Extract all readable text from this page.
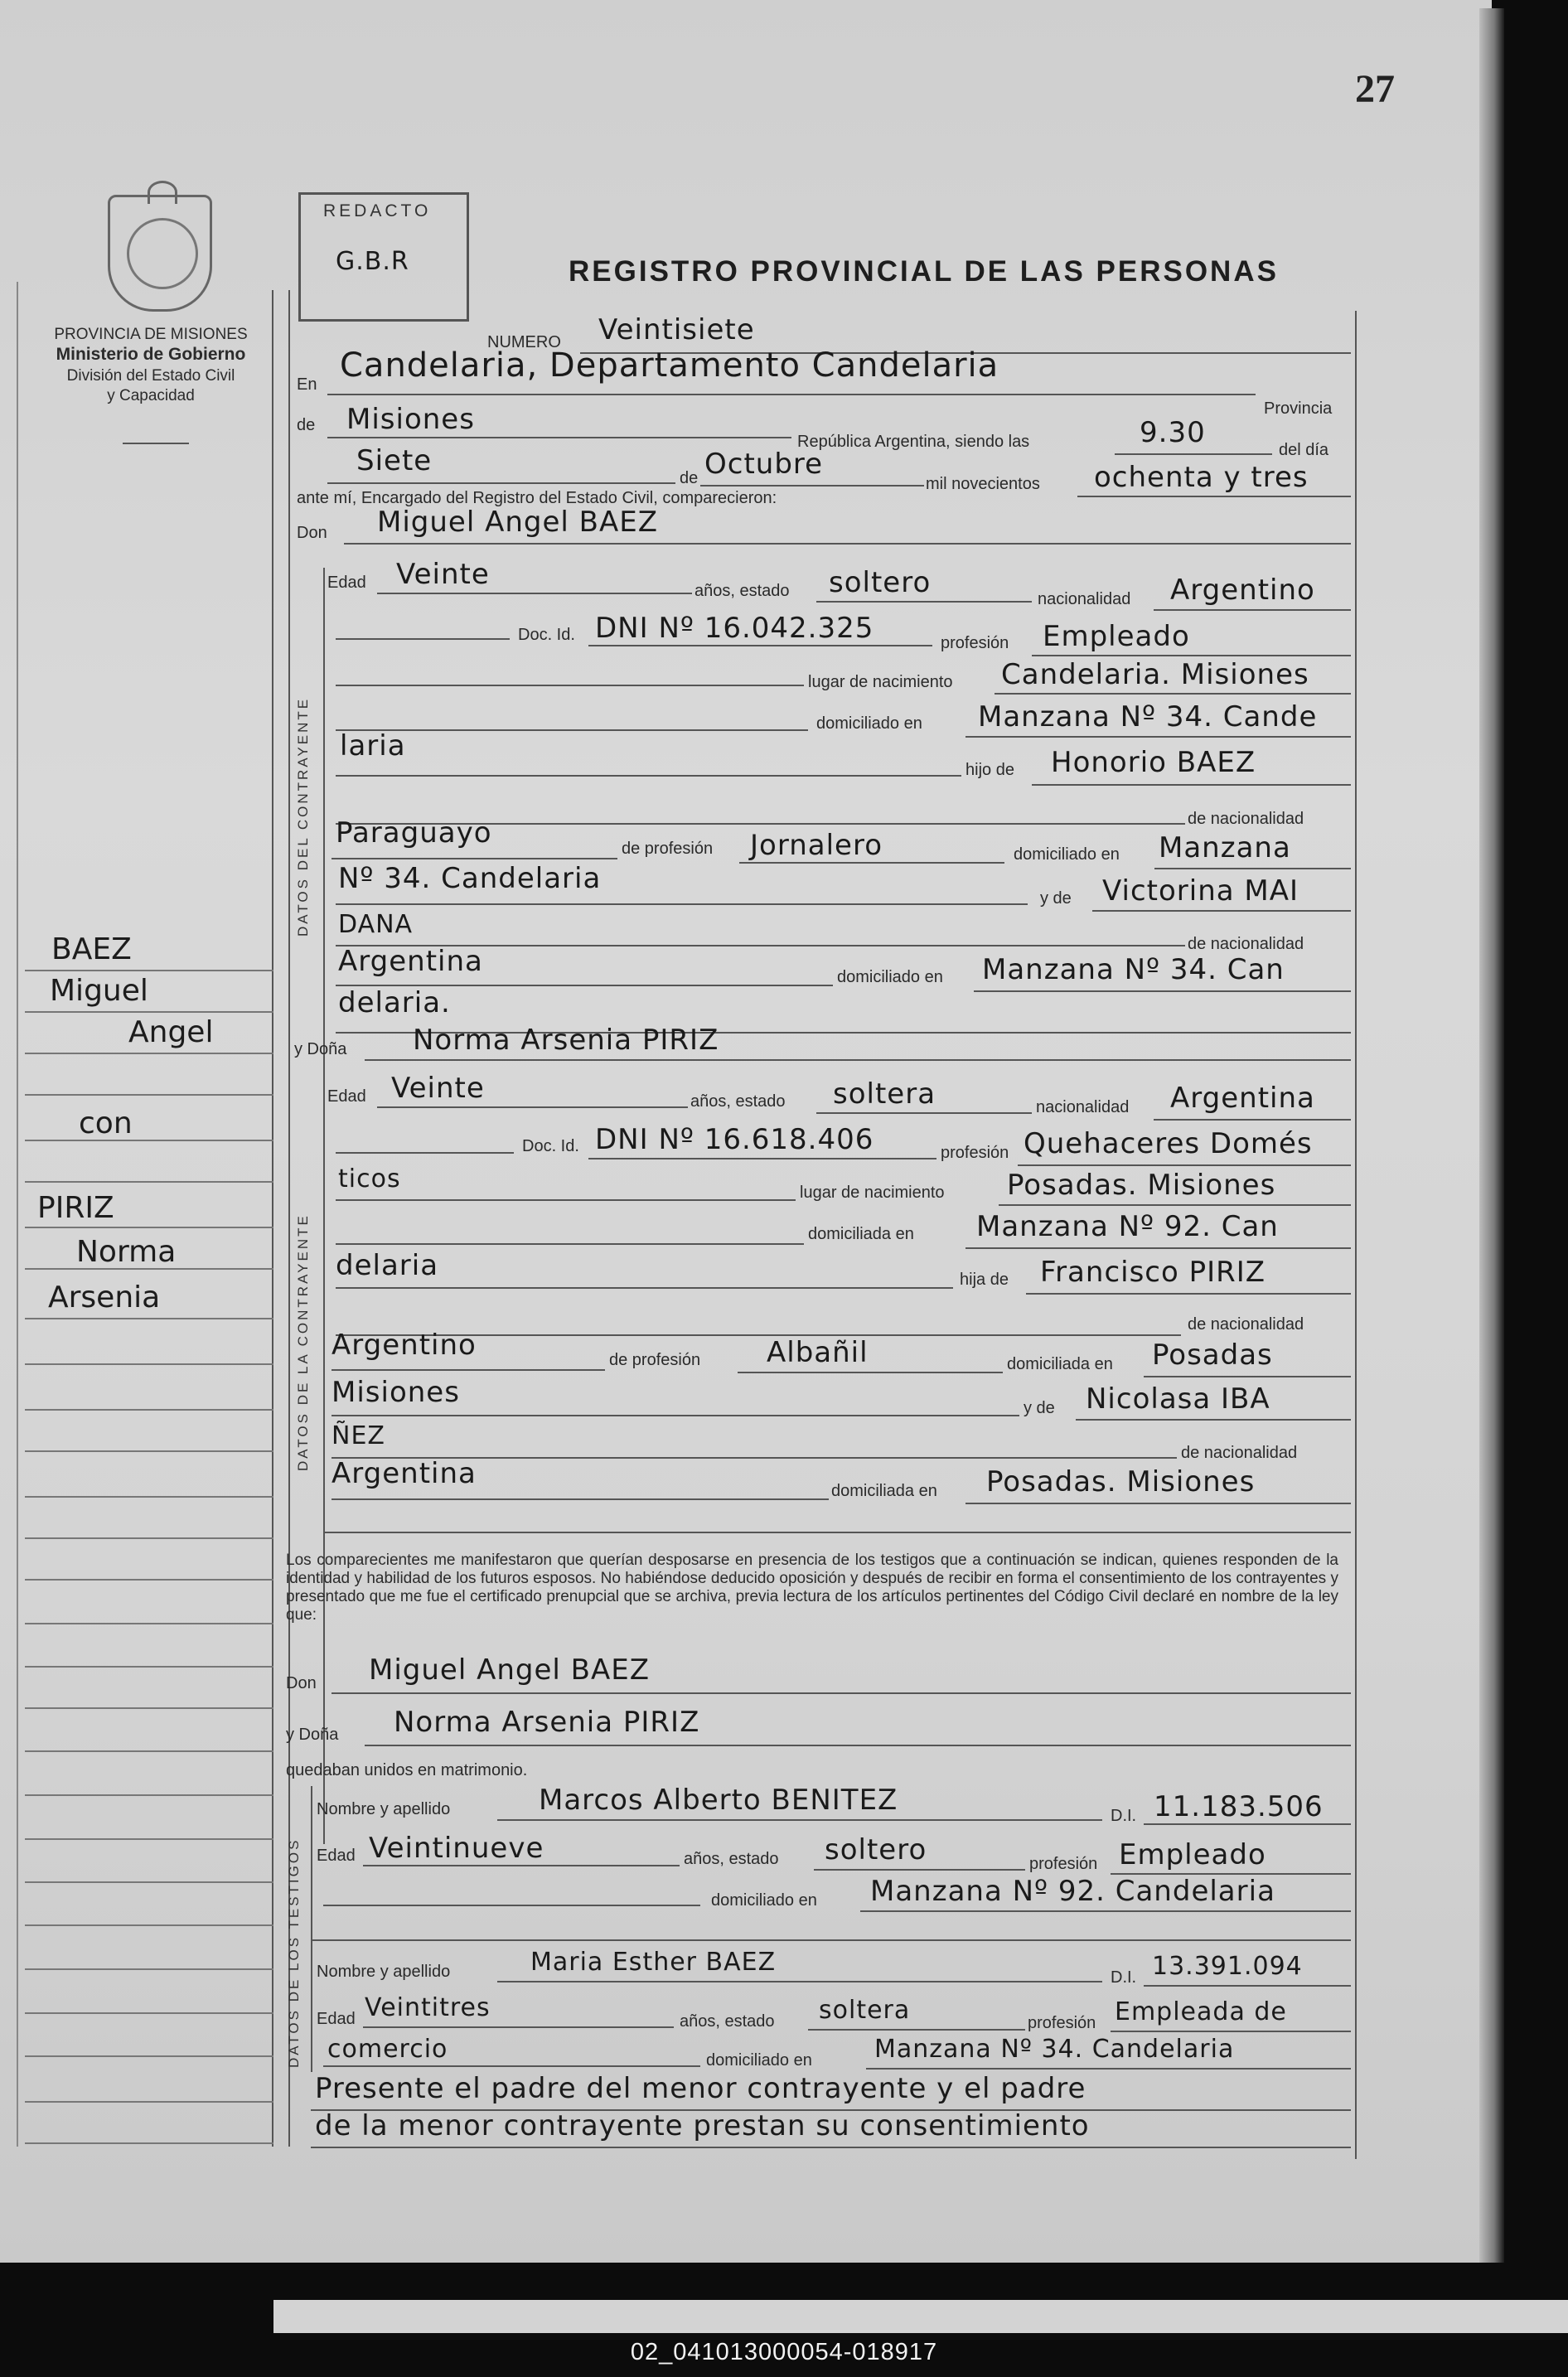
27
PROVINCIA DE MISIONES
Ministerio de Gobierno
División del Estado Civil
y Capacidad
REDACTO
G.B.R	REGISTRO PROVINCIAL DE LAS PERSONAS
NUMERO Veintisiete
En Candelaria, Departamento Candelaria
Provincia
de Misiones
República Argentina, siendo las	9.30
del día
Siete
de Octubre
mil novecientos ochenta y tres
ante mí, Encargado del Registro del Estado Civil, comparecieron:
Don Miguel Angel BAEZ
DATOS DEL CONTRAYENTE
Edad Veinte	años, estado soltero	nacionalidad Argentino
Doc. Id. DNI Nº 16.042.325	profesión Empleado
lugar de nacimiento Candelaria. Misiones
domiciliado en Manzana Nº 34. Cande
laria
hijo de Honorio BAEZ
de nacionalidad
Paraguayo	de profesión Jornalero	domiciliado en Manzana
Nº 34. Candelaria
y de Victorina MAI
DANA
de nacionalidad
Argentina	domiciliado en Manzana Nº 34. Can
delaria.
y Doña Norma Arsenia PIRIZ
DATOS DE LA CONTRAYENTE
Edad Veinte	años, estado soltera	nacionalidad Argentina
Doc. Id. DNI Nº 16.618.406	profesión Quehaceres Domés
ticos	lugar de nacimiento Posadas. Misiones
domiciliada en Manzana Nº 92. Can
delaria	hija de Francisco PIRIZ
de nacionalidad
Argentino	de profesión Albañil	domiciliada en Posadas
Misiones	y de Nicolasa IBA
ÑEZ
de nacionalidad
Argentina
domiciliada en Posadas. Misiones
Los comparecientes me manifestaron que querían desposarse en presencia de los testigos que a continuación se indican, quienes responden de la identidad y habilidad de los futuros esposos. No habiéndose deducido oposición y después de recibir en forma el consentimiento de los contrayentes y presentado que me fue el certificado prenupcial que se archiva, previa lectura de los artículos pertinentes del Código Civil declaré en nombre de la ley que:
Don Miguel Angel BAEZ
y Doña Norma Arsenia PIRIZ
quedaban unidos en matrimonio.
DATOS DE LOS TESTIGOS
Nombre y apellido	Marcos Alberto BENITEZ	D.I. 11.183.506
Edad Veintinueve	años, estado soltero	profesión Empleado
domiciliado en Manzana Nº 92. Candelaria
Nombre y apellido	Maria Esther BAEZ
D.I. 13.391.094
Edad Veintitres	años, estado soltera	profesión Empleada de
comercio	domiciliado en	Manzana Nº 34. Candelaria
Presente el padre del menor contrayente y el padre
de la menor contrayente prestan su consentimiento
BAEZ
Miguel
Angel
con
PIRIZ
Norma
Arsenia
02_041013000054-018917
